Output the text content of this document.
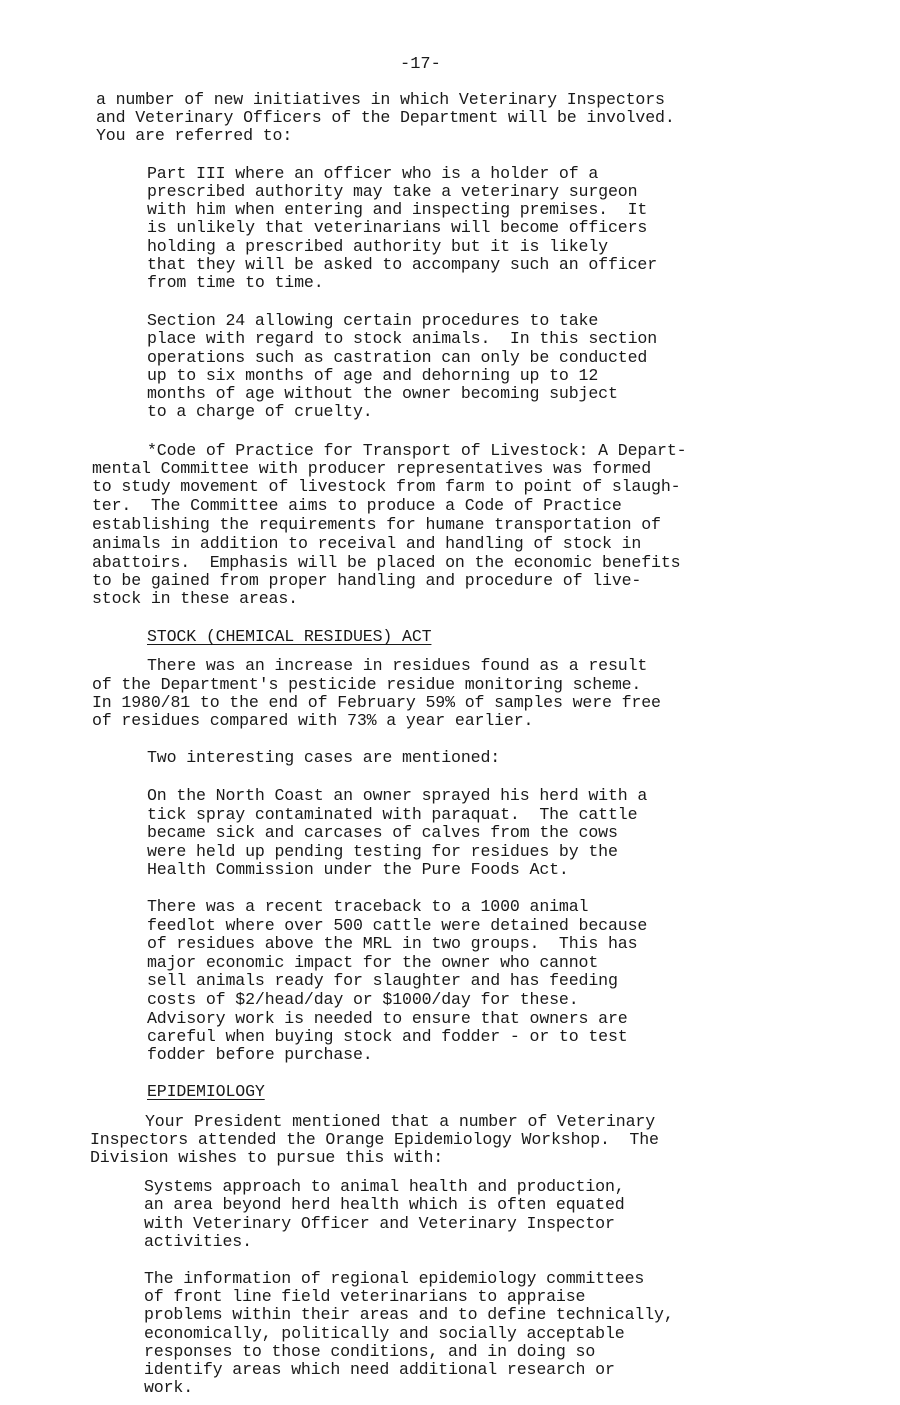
-17-
a number of new initiatives in which Veterinary Inspectors
and Veterinary Officers of the Department will be involved.
You are referred to:
Part III where an officer who is a holder of a
prescribed authority may take a veterinary surgeon
with him when entering and inspecting premises.  It
is unlikely that veterinarians will become officers
holding a prescribed authority but it is likely
that they will be asked to accompany such an officer
from time to time.
Section 24 allowing certain procedures to take
place with regard to stock animals.  In this section
operations such as castration can only be conducted
up to six months of age and dehorning up to 12
months of age without the owner becoming subject
to a charge of cruelty.
*Code of Practice for Transport of Livestock: A Depart-
mental Committee with producer representatives was formed
to study movement of livestock from farm to point of slaugh-
ter.  The Committee aims to produce a Code of Practice
establishing the requirements for humane transportation of
animals in addition to receival and handling of stock in
abattoirs.  Emphasis will be placed on the economic benefits
to be gained from proper handling and procedure of live-
stock in these areas.
STOCK (CHEMICAL RESIDUES) ACT
There was an increase in residues found as a result
of the Department's pesticide residue monitoring scheme.
In 1980/81 to the end of February 59% of samples were free
of residues compared with 73% a year earlier.
Two interesting cases are mentioned:
On the North Coast an owner sprayed his herd with a
tick spray contaminated with paraquat.  The cattle
became sick and carcases of calves from the cows
were held up pending testing for residues by the
Health Commission under the Pure Foods Act.
There was a recent traceback to a 1000 animal
feedlot where over 500 cattle were detained because
of residues above the MRL in two groups.  This has
major economic impact for the owner who cannot
sell animals ready for slaughter and has feeding
costs of $2/head/day or $1000/day for these.
Advisory work is needed to ensure that owners are
careful when buying stock and fodder - or to test
fodder before purchase.
EPIDEMIOLOGY
Your President mentioned that a number of Veterinary
Inspectors attended the Orange Epidemiology Workshop.  The
Division wishes to pursue this with:
Systems approach to animal health and production,
an area beyond herd health which is often equated
with Veterinary Officer and Veterinary Inspector
activities.
The information of regional epidemiology committees
of front line field veterinarians to appraise
problems within their areas and to define technically,
economically, politically and socially acceptable
responses to those conditions, and in doing so
identify areas which need additional research or
work.
